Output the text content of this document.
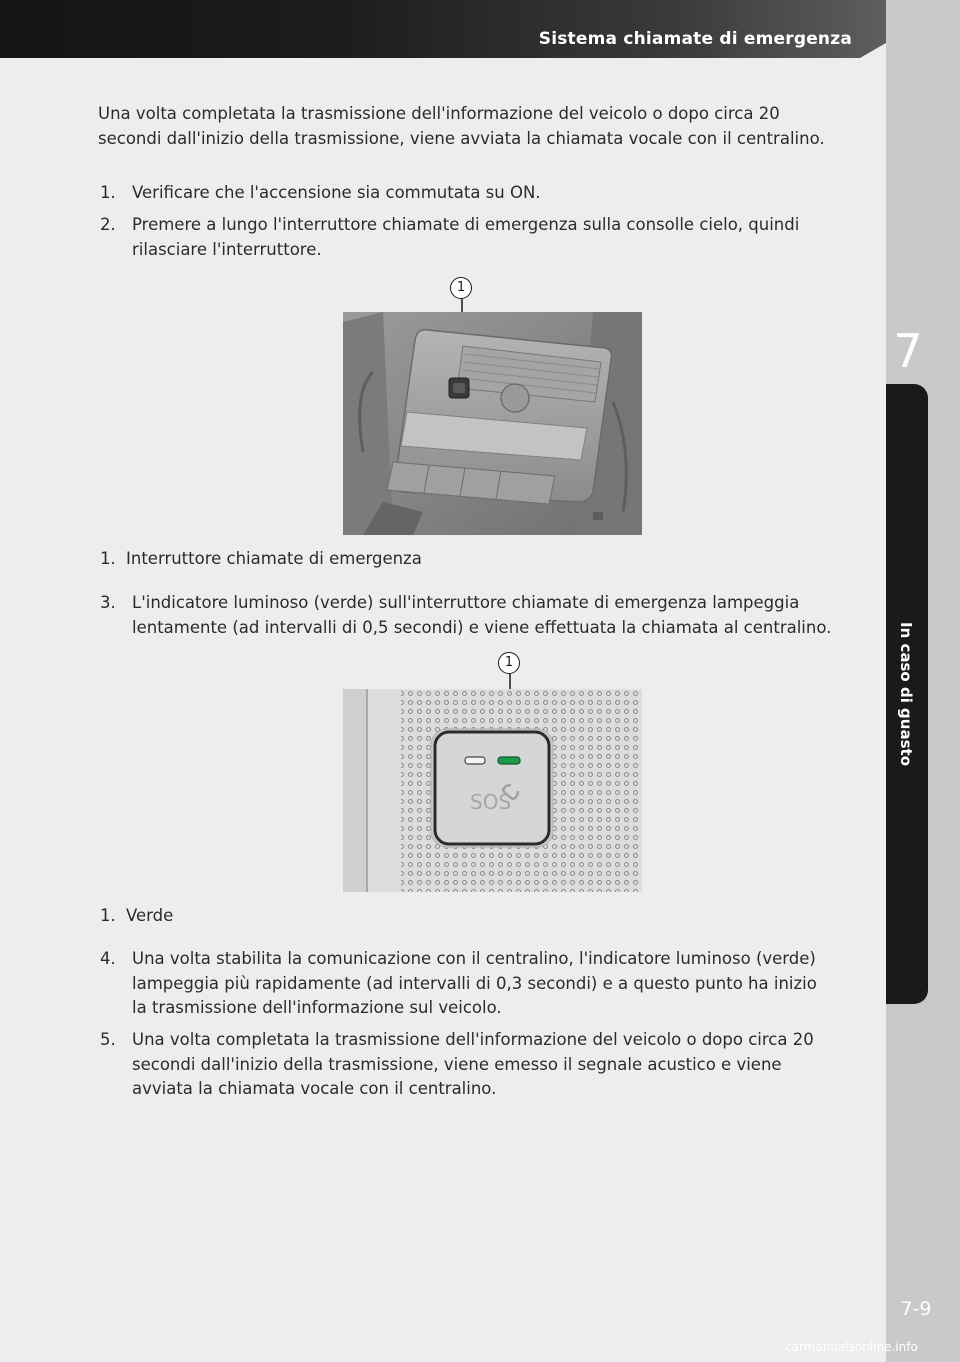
Sistema chiamate di emergenza
7
In caso di guasto
7-9
Una volta completata la trasmissione dell'informazione del veicolo o dopo circa 20 secondi dall'inizio della trasmissione, viene avviata la chiamata vocale con il centralino.
1. Verificare che l'accensione sia commutata su ON.
2. Premere a lungo l'interruttore chiamate di emergenza sulla consolle cielo, quindi rilasciare l'interruttore.
1
1. Interruttore chiamate di emergenza
3. L'indicatore luminoso (verde) sull'interruttore chiamate di emergenza lampeggia lentamente (ad intervalli di 0,5 secondi) e viene effettuata la chiamata al centralino.
1
SOS
1. Verde
4. Una volta stabilita la comunicazione con il centralino, l'indicatore luminoso (verde) lampeggia più rapidamente (ad intervalli di 0,3 secondi) e a questo punto ha inizio la trasmissione dell'informazione sul veicolo.
5. Una volta completata la trasmissione dell'informazione del veicolo o dopo circa 20 secondi dall'inizio della trasmissione, viene emesso il segnale acustico e viene avviata la chiamata vocale con il centralino.
carmanualsonline.info
